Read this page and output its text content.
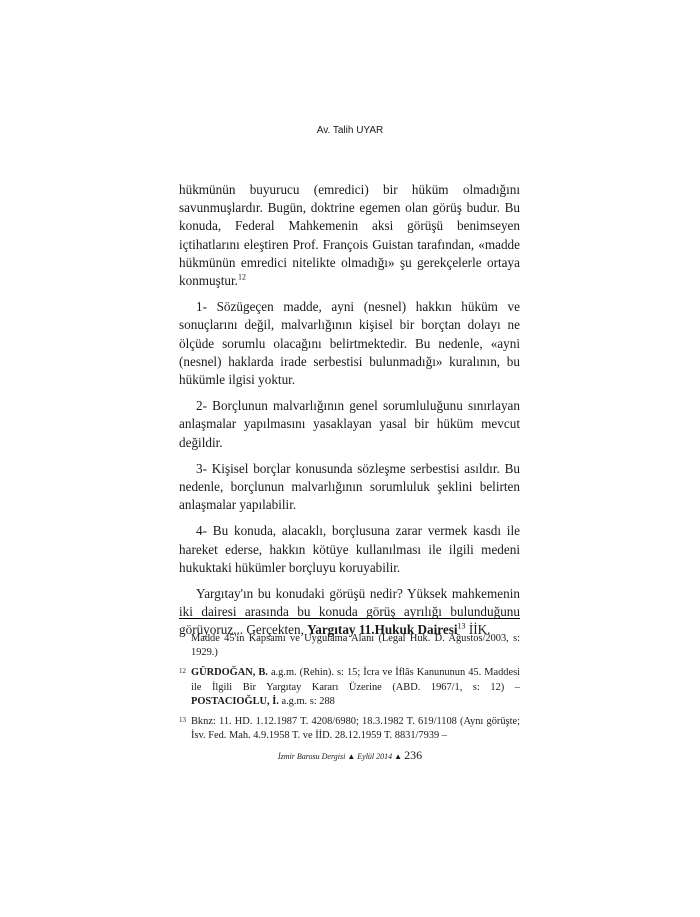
Av. Talih UYAR

hükmünün buyurucu (emredici) bir hüküm olmadığını savunmuşlardır. Bugün, doktrine egemen olan görüş budur. Bu konuda, Federal Mahkemenin aksi görüşü benimseyen içtihatlarını eleştiren Prof. François Guistan tarafından, «madde hükmünün emredici nitelikte olmadığı» şu gerekçelerle ortaya konmuştur.$^{12}$

1- Sözügeçen madde, ayni (nesnel) hakkın hüküm ve sonuçlarını değil, malvarlığının kişisel bir borçtan dolayı ne ölçüde sorumlu olacağını belirtmektedir. Bu nedenle, «ayni (nesnel) haklarda irade serbestisi bulunmadığı» kuralının, bu hükümle ilgisi yoktur.

2- Borçlunun malvarlığının genel sorumluluğunu sınırlayan anlaşmalar yapılmasını yasaklayan yasal bir hüküm mevcut değildir.

3- Kişisel borçlar konusunda sözleşme serbestisi asıldır. Bu nedenle, borçlunun malvarlığının sorumluluk şeklini belirten anlaşmalar yapılabilir.

4- Bu konuda, alacaklı, borçlusuna zarar vermek kasdı ile hareket ederse, hakkın kötüye kullanılması ile ilgili medeni hukuktaki hükümler borçluyu koruyabilir.

Yargıtay'ın bu konudaki görüşü nedir? Yüksek mahkemenin iki dairesi arasında bu konuda görüş ayrılığı bulunduğunu görüyoruz... Gerçekten, Yargıtay 11.Hukuk Dairesi$^{13}$ İİK.

Madde 45'in Kapsamı ve Uygulama Alanı (Legal Huk. D. Ağustos/2003, s: 1929.)
12 GÜRDOĞAN, B. a.g.m. (Rehin). s: 15; İcra ve İflâs Kanununun 45. Maddesi ile İlgili Bir Yargıtay Kararı Üzerine (ABD. 1967/1, s: 12) – POSTACIOĞLU, İ. a.g.m. s: 288
13 Bknz: 11. HD. 1.12.1987 T. 4208/6980; 18.3.1982 T. 619/1108 (Aynı görüşte; İsv. Fed. Mah. 4.9.1958 T. ve İİD. 28.12.1959 T. 8831/7939 –
İzmir Barosu Dergisi ▲ Eylül 2014 ▲ 236
